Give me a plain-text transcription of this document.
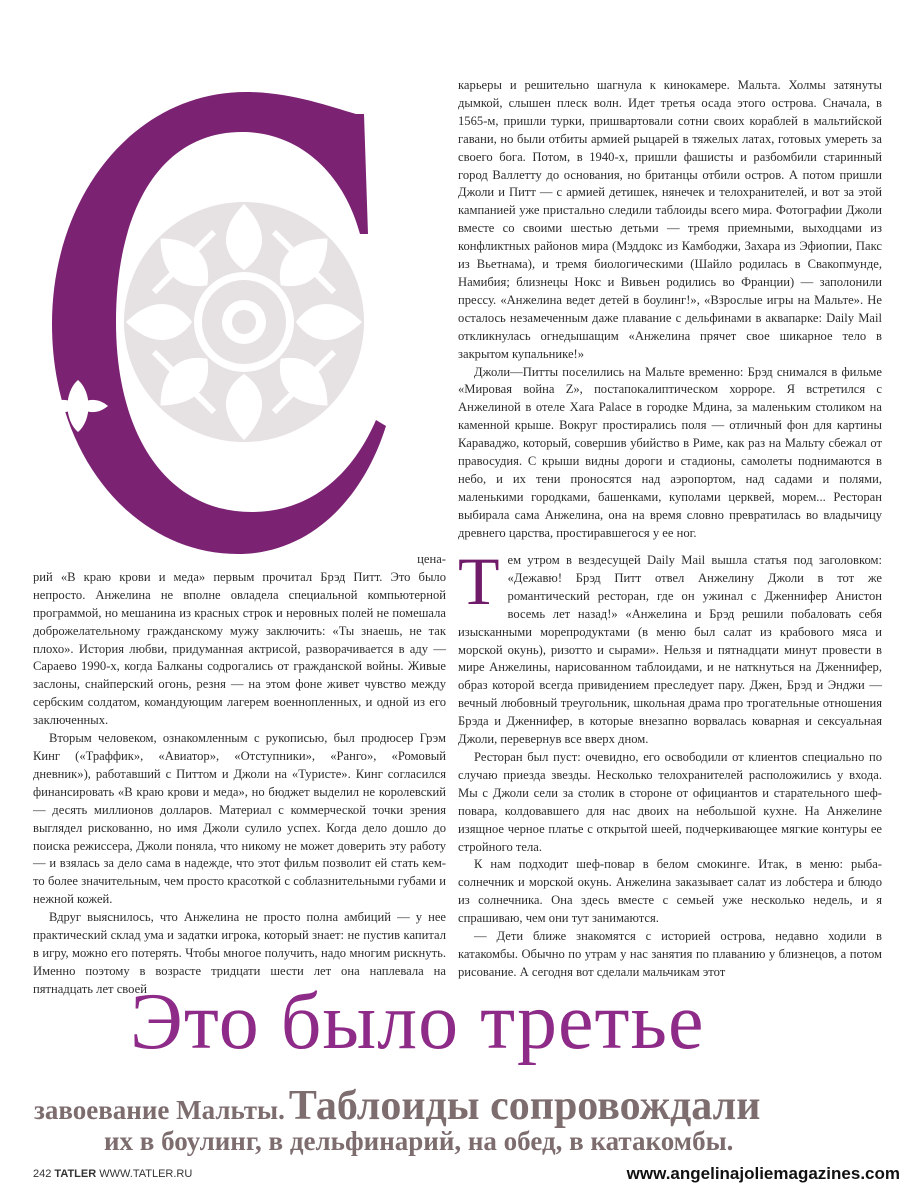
цена-

рий «В краю крови и меда» первым прочитал Брэд Питт. Это было непросто. Анжелина не вполне овладела специальной компьютерной программой, но мешанина из красных строк и неровных полей не помешала доброжелательному гражданскому мужу заключить: «Ты знаешь, не так плохо». История любви, придуманная актрисой, разворачивается в аду — Сараево 1990-х, когда Балканы содрогались от гражданской войны. Живые заслоны, снайперский огонь, резня — на этом фоне живет чувство между сербским солдатом, командующим лагерем военнопленных, и одной из его заключенных.

Вторым человеком, ознакомленным с рукописью, был продюсер Грэм Кинг («Траффик», «Авиатор», «Отступники», «Ранго», «Ромовый дневник»), работавший с Питтом и Джоли на «Туристе». Кинг согласился финансировать «В краю крови и меда», но бюджет выделил не королевский — десять миллионов долларов. Материал с коммерческой точки зрения выглядел рискованно, но имя Джоли сулило успех. Когда дело дошло до поиска режиссера, Джоли поняла, что никому не может доверить эту работу — и взялась за дело сама в надежде, что этот фильм позволит ей стать кем-то более значительным, чем просто красоткой с соблазнительными губами и нежной кожей.

Вдруг выяснилось, что Анжелина не просто полна амбиций — у нее практический склад ума и задатки игрока, который знает: не пустив капитал в игру, можно его потерять. Чтобы многое получить, надо многим рискнуть. Именно поэтому в возрасте тридцати шести лет она наплевала на пятнадцать лет своей

карьеры и решительно шагнула к кинокамере. Мальта. Холмы затянуты дымкой, слышен плеск волн. Идет третья осада этого острова. Сначала, в 1565-м, пришли турки, пришвартовали сотни своих кораблей в мальтийской гавани, но были отбиты армией рыцарей в тяжелых латах, готовых умереть за своего бога. Потом, в 1940-х, пришли фашисты и разбомбили старинный город Валлетту до основания, но британцы отбили остров. А потом пришли Джоли и Питт — с армией детишек, нянечек и телохранителей, и вот за этой кампанией уже пристально следили таблоиды всего мира. Фотографии Джоли вместе со своими шестью детьми — тремя приемными, выходцами из конфликтных районов мира (Мэддокс из Камбоджи, Захара из Эфиопии, Пакс из Вьетнама), и тремя биологическими (Шайло родилась в Свакопмунде, Намибия; близнецы Нокс и Вивьен родились во Франции) — заполонили прессу. «Анжелина ведет детей в боулинг!», «Взрослые игры на Мальте». Не осталось незамеченным даже плавание с дельфинами в аквапарке: Daily Mail откликнулась огнедышащим «Анжелина прячет свое шикарное тело в закрытом купальнике!»

Джоли—Питты поселились на Мальте временно: Брэд снимался в фильме «Мировая война Z», постапокалиптическом хорроре. Я встретился с Анжелиной в отеле Xara Palace в городке Мдина, за маленьким столиком на каменной крыше. Вокруг простирались поля — отличный фон для картины Караваджо, который, совершив убийство в Риме, как раз на Мальту сбежал от правосудия. С крыши видны дороги и стадионы, самолеты поднимаются в небо, и их тени проносятся над аэропортом, над садами и полями, маленькими городками, башенками, куполами церквей, морем... Ресторан выбирала сама Анжелина, она на время словно превратилась во владычицу древнего царства, простиравшегося у ее ног.

Тем утром в вездесущей Daily Mail вышла статья под заголовком: «Дежавю! Брэд Питт отвел Анжелину Джоли в тот же романтический ресторан, где он ужинал с Дженнифер Анистон восемь лет назад!» «Анжелина и Брэд решили побаловать себя изысканными морепродуктами (в меню был салат из крабового мяса и морской окунь), ризотто и сырами». Нельзя и пятнадцати минут провести в мире Анжелины, нарисованном таблоидами, и не наткнуться на Дженнифер, образ которой всегда привидением преследует пару. Джен, Брэд и Энджи — вечный любовный треугольник, школьная драма про трогательные отношения Брэда и Дженнифер, в которые внезапно ворвалась коварная и сексуальная Джоли, перевернув все вверх дном.

Ресторан был пуст: очевидно, его освободили от клиентов специально по случаю приезда звезды. Несколько телохранителей расположились у входа. Мы с Джоли сели за столик в стороне от официантов и старательного шеф-повара, колдовавшего для нас двоих на небольшой кухне. На Анжелине изящное черное платье с открытой шеей, подчеркивающее мягкие контуры ее стройного тела.

К нам подходит шеф-повар в белом смокинге. Итак, в меню: рыба-солнечник и морской окунь. Анжелина заказывает салат из лобстера и блюдо из солнечника. Она здесь вместе с семьей уже несколько недель, и я спрашиваю, чем они тут занимаются.

— Дети ближе знакомятся с историей острова, недавно ходили в катакомбы. Обычно по утрам у нас занятия по плаванию у близнецов, а потом рисование. А сегодня вот сделали мальчикам этот

Это было третье
завоевание Мальты. Таблоиды сопровождали
их в боулинг, в дельфинарий, на обед, в катакомбы.
242 TATLER WWW.TATLER.RU	www.angelinajoliemagazines.com
